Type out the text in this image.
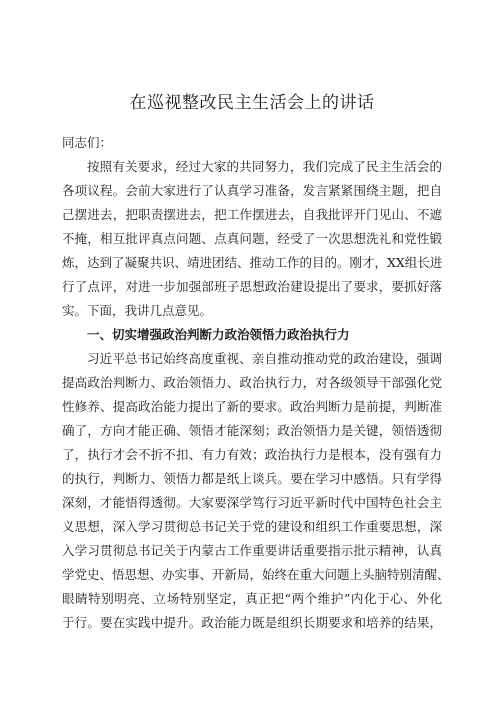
在巡视整改民主生活会上的讲话

同志们：

按照有关要求，经过大家的共同努力，我们完成了民主生活会的
各项议程。会前大家进行了认真学习准备，发言紧紧围绕主题，把自
己摆进去，把职责摆进去，把工作摆进去，自我批评开门见山、不遮
不掩，相互批评真点问题、点真问题，经受了一次思想洗礼和党性锻
炼，达到了凝聚共识、靖进团结、推动工作的目的。刚才，XX组长进
行了点评，对进一步加强部班子思想政治建设提出了要求，要抓好落
实。下面，我讲几点意见。
一、切实增强政治判断力政治领悟力政治执行力
习近平总书记始终高度重视、亲自推动推动党的政治建设，强调
提高政治判断力、政治领悟力、政治执行力，对各级领导干部强化党
性修养、提高政治能力提出了新的要求。政治判断力是前提，判断准
确了，方向才能正确、领悟才能深刻；政治领悟力是关键，领悟透彻
了，执行才会不折不扣、有力有效；政治执行力是根本，没有强有力
的执行，判断力、领悟力都是纸上谈兵。要在学习中感悟。只有学得
深刻，才能悟得透彻。大家要深学笃行习近平新时代中国特色社会主
义思想，深入学习贯彻总书记关于党的建设和组织工作重要思想，深
入学习贯彻总书记关于内蒙古工作重要讲话重要指示批示精神，认真
学党史、悟思想、办实事、开新局，始终在重大问题上头脑特别清醒、
眼睛特别明亮、立场特别坚定，真正把“两个维护”内化于心、外化
于行。要在实践中提升。政治能力既是组织长期要求和培养的结果，
